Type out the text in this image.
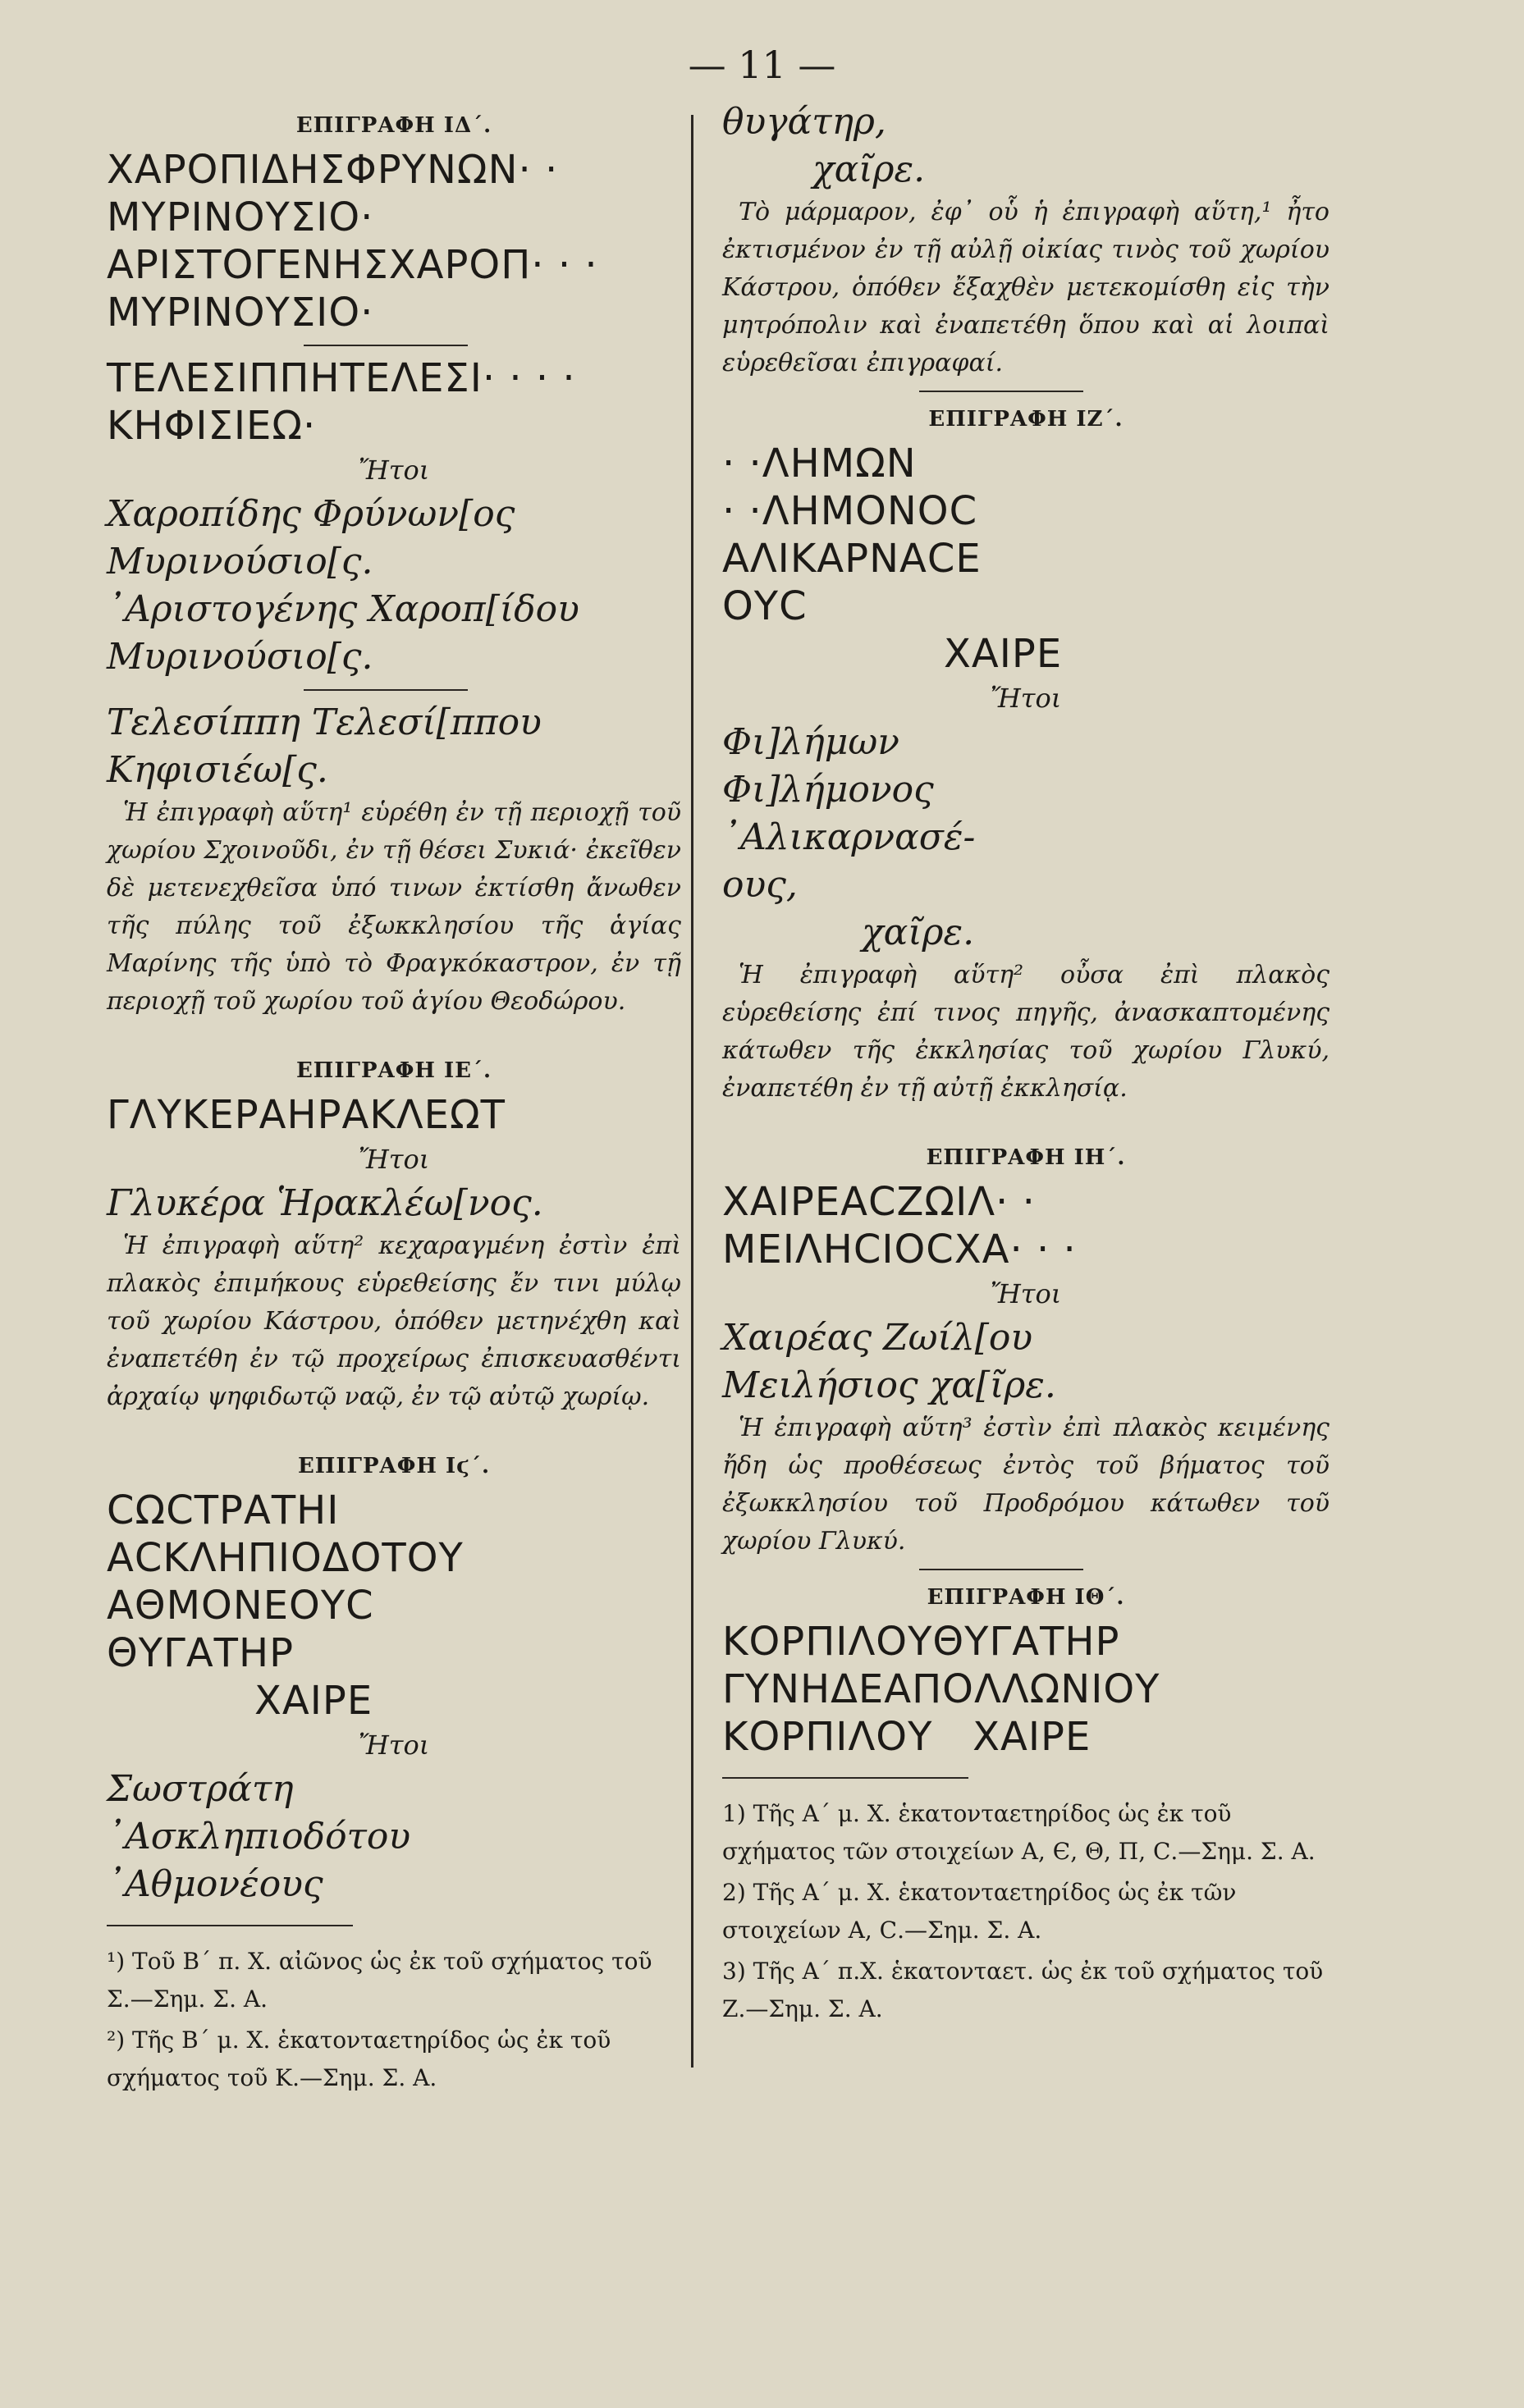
— 11 —
ΕΠΙΓΡΑΦΗ ΙΔ΄.
ΧΑΡΟΠΙΔΗΣΦΡΥΝΩΝ· ·
ΜΥΡΙΝΟΥΣΙΟ·
ΑΡΙΣΤΟΓΕΝΗΣΧΑΡΟΠ· · ·
ΜΥΡΙΝΟΥΣΙΟ·
ΤΕΛΕΣΙΠΠΗΤΕΛΕΣΙ· · · ·
ΚΗΦΙΣΙΕΩ·
Ἤτοι
Χαροπίδης Φρύνων[ος
Μυρινούσιο[ς.
᾿Αριστογένης Χαροπ[ίδου
Μυρινούσιο[ς.
Τελεσίππη Τελεσί[ππου
Κηφισιέω[ς.
Ἡ ἐπιγραφὴ αὕτη¹ εὑρέθη ἐν τῇ περιοχῇ τοῦ χωρίου Σχοινοῦδι, ἐν τῇ θέσει Συκιά· ἐκεῖθεν δὲ μετενεχθεῖσα ὑπό τινων ἐκτίσθη ἄνωθεν τῆς πύλης τοῦ ἐξωκκλησίου τῆς ἁγίας Μαρίνης τῆς ὑπὸ τὸ Φραγκόκαστρον, ἐν τῇ περιοχῇ τοῦ χωρίου τοῦ ἁγίου Θεοδώρου.
ΕΠΙΓΡΑΦΗ ΙΕ΄.
ΓΛΥΚΕΡΑΗΡΑΚΛΕΩΤ
Ἤτοι
Γλυκέρα Ἡρακλέω[νος.
Ἡ ἐπιγραφὴ αὕτη² κεχαραγμένη ἐστὶν ἐπὶ πλακὸς ἐπιμήκους εὑρεθείσης ἔν τινι μύλῳ τοῦ χωρίου Κάστρου, ὁπόθεν μετηνέχθη καὶ ἐναπετέθη ἐν τῷ προχείρως ἐπισκευασθέντι ἀρχαίῳ ψηφιδωτῷ ναῷ, ἐν τῷ αὐτῷ χωρίῳ.
ΕΠΙΓΡΑΦΗ Ιϛ΄.
ϹΩϹΤΡΑΤΗΙ
ΑϹΚΛΗΠΙΟΔΟΤΟΥ
ΑΘΜΟΝΕΟΥϹ
ΘΥΓΑΤΗΡ
ΧΑΙΡΕ
Ἤτοι
Σωστράτη
᾿Ασκληπιοδότου
᾿Αθμονέους

¹) Τοῦ Β΄ π. Χ. αἰῶνος ὡς ἐκ τοῦ σχήματος τοῦ Σ.—Σημ. Σ. Α.

²) Τῆς Β΄ μ. Χ. ἑκατονταετηρίδος ὡς ἐκ τοῦ σχήματος τοῦ Κ.—Σημ. Σ. Α.

θυγάτηρ,
χαῖρε.
Τὸ μάρμαρον, ἐφ᾿ οὗ ἡ ἐπιγραφὴ αὕτη,¹ ἦτο ἐκτισμένον ἐν τῇ αὐλῇ οἰκίας τινὸς τοῦ χωρίου Κάστρου, ὁπόθεν ἔξαχθὲν μετεκομίσθη εἰς τὴν μητρόπολιν καὶ ἐναπετέθη ὅπου καὶ αἱ λοιπαὶ εὑρεθεῖσαι ἐπιγραφαί.
ΕΠΙΓΡΑΦΗ ΙΖ΄.
· ·ΛΗΜΩΝ
· ·ΛΗΜΟΝΟϹ
ΑΛΙΚΑΡΝΑϹΕ
ΟΥϹ
ΧΑΙΡΕ
Ἤτοι
Φι]λήμων
Φι]λήμονος
᾿Αλικαρνασέ-
ους,
χαῖρε.
Ἡ ἐπιγραφὴ αὕτη² οὖσα ἐπὶ πλακὸς εὑρεθείσης ἐπί τινος πηγῆς, ἀνασκαπτομένης κάτωθεν τῆς ἐκκλησίας τοῦ χωρίου Γλυκύ, ἐναπετέθη ἐν τῇ αὐτῇ ἐκκλησίᾳ.
ΕΠΙΓΡΑΦΗ ΙΗ΄.
ΧΑΙΡΕΑϹΖΩΙΛ· ·
ΜΕΙΛΗϹΙΟϹΧΑ· · ·
Ἤτοι
Χαιρέας Ζωίλ[ου
Μειλήσιος χα[ῖρε.
Ἡ ἐπιγραφὴ αὕτη³ ἐστὶν ἐπὶ πλακὸς κειμένης ἤδη ὡς προθέσεως ἐντὸς τοῦ βήματος τοῦ ἐξωκκλησίου τοῦ Προδρόμου κάτωθεν τοῦ χωρίου Γλυκύ.
ΕΠΙΓΡΑΦΗ ΙΘ΄.
ΚΟΡΠΙΛΟΥΘΥΓΑΤΗΡ
ΓΥΝΗΔΕΑΠΟΛΛΩΝΙΟΥ
ΚΟΡΠΙΛΟΥ   ΧΑΙΡΕ

1) Τῆς Α΄ μ. Χ. ἑκατονταετηρίδος ὡς ἐκ τοῦ σχήματος τῶν στοιχείων Α, Є, Θ, Π, Ϲ.—Σημ. Σ. Α.

2) Τῆς Α΄ μ. Χ. ἑκατονταετηρίδος ὡς ἐκ τῶν στοιχείων Α, Ϲ.—Σημ. Σ. Α.

3) Τῆς Α΄ π.Χ. ἑκατονταετ. ὡς ἐκ τοῦ σχήματος τοῦ Ζ.—Σημ. Σ. Α.
